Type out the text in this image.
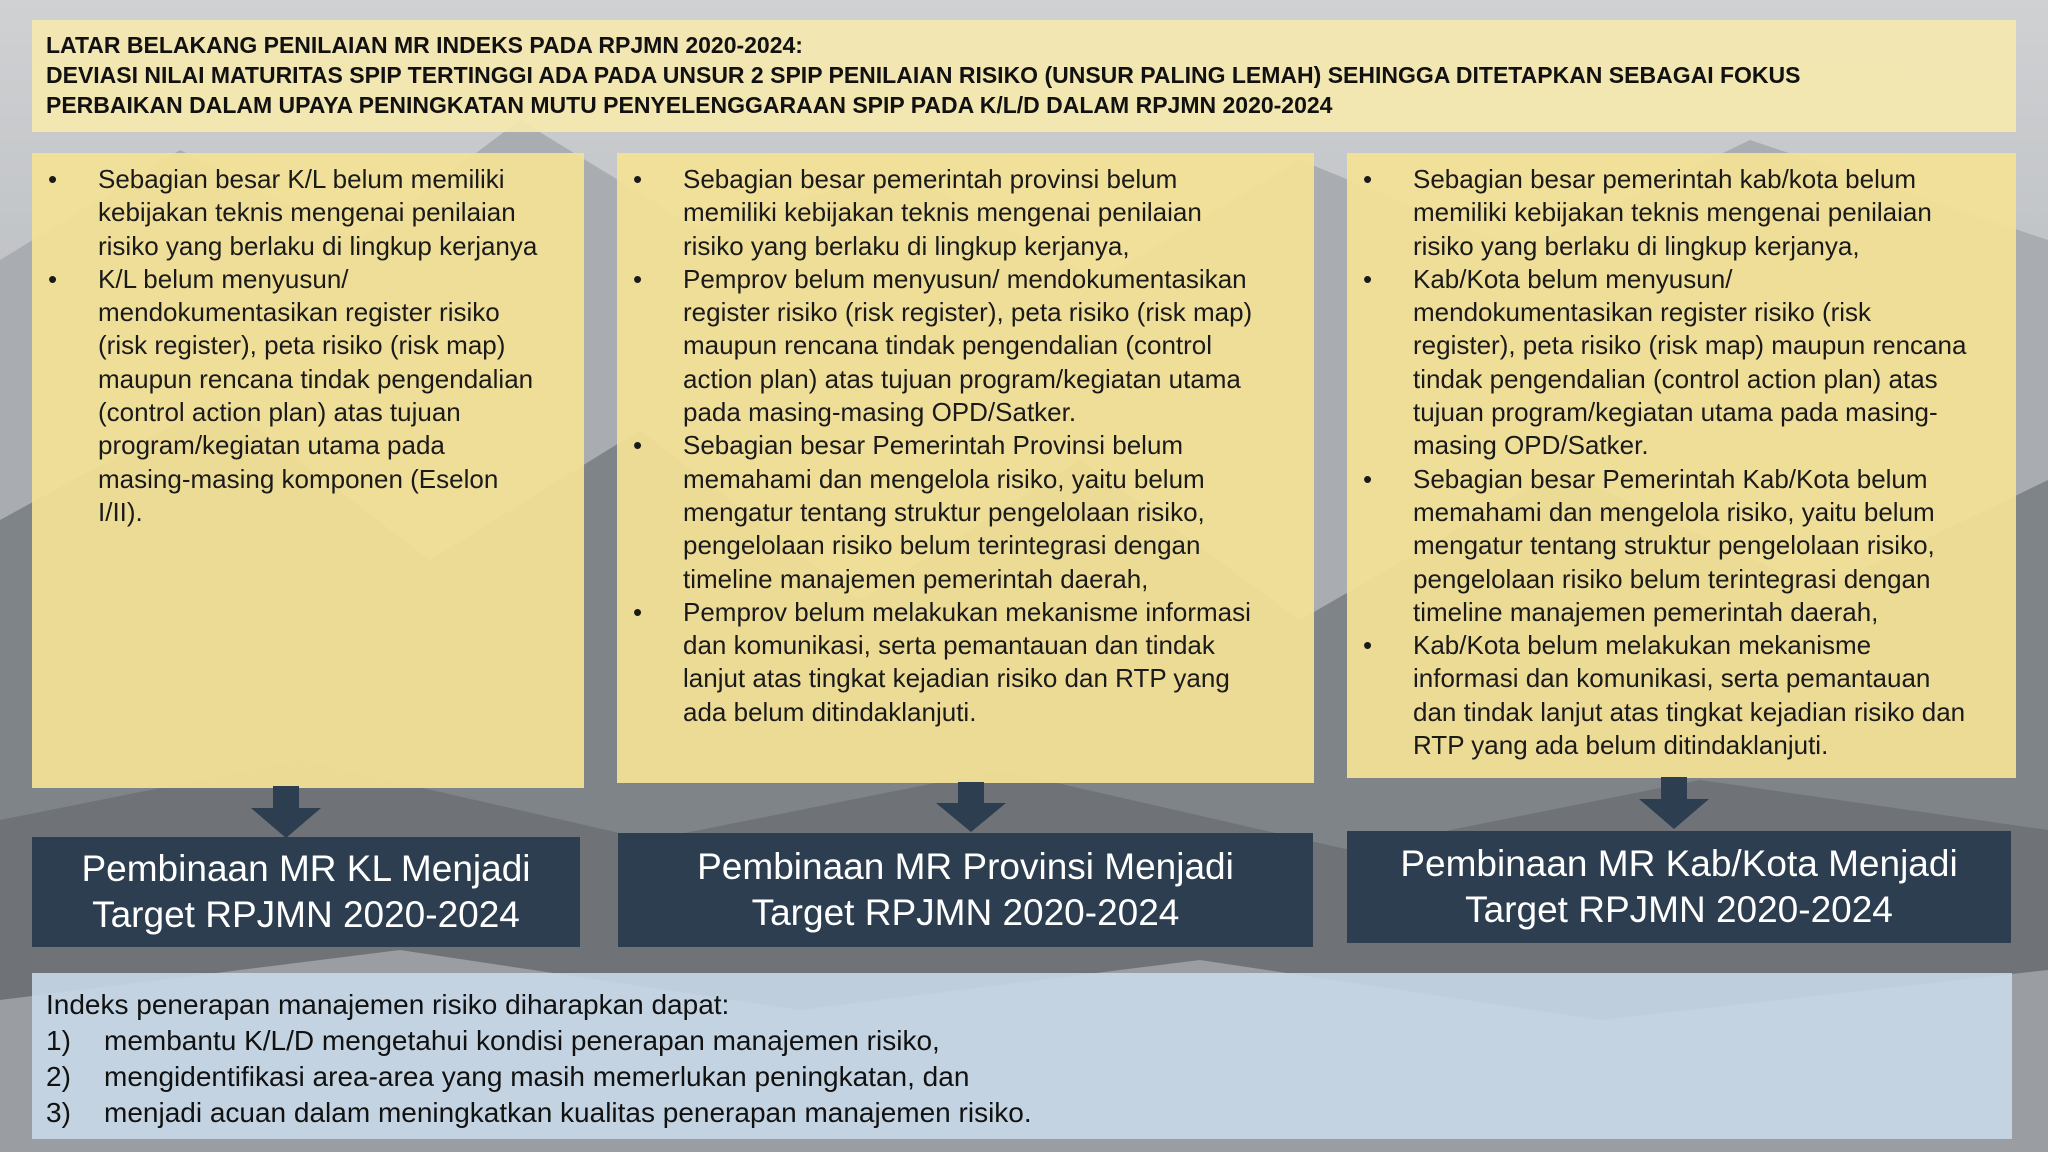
LATAR BELAKANG PENILAIAN MR INDEKS PADA RPJMN 2020-2024:
DEVIASI NILAI MATURITAS SPIP TERTINGGI ADA PADA UNSUR 2 SPIP PENILAIAN RISIKO (UNSUR PALING LEMAH) SEHINGGA DITETAPKAN SEBAGAI FOKUS
PERBAIKAN DALAM UPAYA PENINGKATAN MUTU PENYELENGGARAAN SPIP PADA K/L/D DALAM RPJMN 2020-2024
• Sebagian besar K/L belum memiliki
kebijakan teknis mengenai penilaian
risiko yang berlaku di lingkup kerjanya
• K/L belum menyusun/
mendokumentasikan register risiko
(risk register), peta risiko (risk map)
maupun rencana tindak pengendalian
(control action plan) atas tujuan
program/kegiatan utama pada
masing-masing komponen (Eselon
I/II).
• Sebagian besar pemerintah provinsi belum
memiliki kebijakan teknis mengenai penilaian
risiko yang berlaku di lingkup kerjanya,
• Pemprov belum menyusun/ mendokumentasikan
register risiko (risk register), peta risiko (risk map)
maupun rencana tindak pengendalian (control
action plan) atas tujuan program/kegiatan utama
pada masing-masing OPD/Satker.
• Sebagian besar Pemerintah Provinsi belum
memahami dan mengelola risiko, yaitu belum
mengatur tentang struktur pengelolaan risiko,
pengelolaan risiko belum terintegrasi dengan
timeline manajemen pemerintah daerah,
• Pemprov belum melakukan mekanisme informasi
dan komunikasi, serta pemantauan dan tindak
lanjut atas tingkat kejadian risiko dan RTP yang
ada belum ditindaklanjuti.
• Sebagian besar pemerintah kab/kota belum
memiliki kebijakan teknis mengenai penilaian
risiko yang berlaku di lingkup kerjanya,
• Kab/Kota belum menyusun/
mendokumentasikan register risiko (risk
register), peta risiko (risk map) maupun rencana
tindak pengendalian (control action plan) atas
tujuan program/kegiatan utama pada masing-
masing OPD/Satker.
• Sebagian besar Pemerintah Kab/Kota belum
memahami dan mengelola risiko, yaitu belum
mengatur tentang struktur pengelolaan risiko,
pengelolaan risiko belum terintegrasi dengan
timeline manajemen pemerintah daerah,
• Kab/Kota belum melakukan mekanisme
informasi dan komunikasi, serta pemantauan
dan tindak lanjut atas tingkat kejadian risiko dan
RTP yang ada belum ditindaklanjuti.
Pembinaan MR KL Menjadi
Target RPJMN 2020-2024
Pembinaan MR Provinsi Menjadi
Target RPJMN 2020-2024
Pembinaan MR Kab/Kota Menjadi
Target RPJMN 2020-2024
Indeks penerapan manajemen risiko diharapkan dapat:
1) membantu K/L/D mengetahui kondisi penerapan manajemen risiko,
2) mengidentifikasi area-area yang masih memerlukan peningkatan, dan
3) menjadi acuan dalam meningkatkan kualitas penerapan manajemen risiko.
